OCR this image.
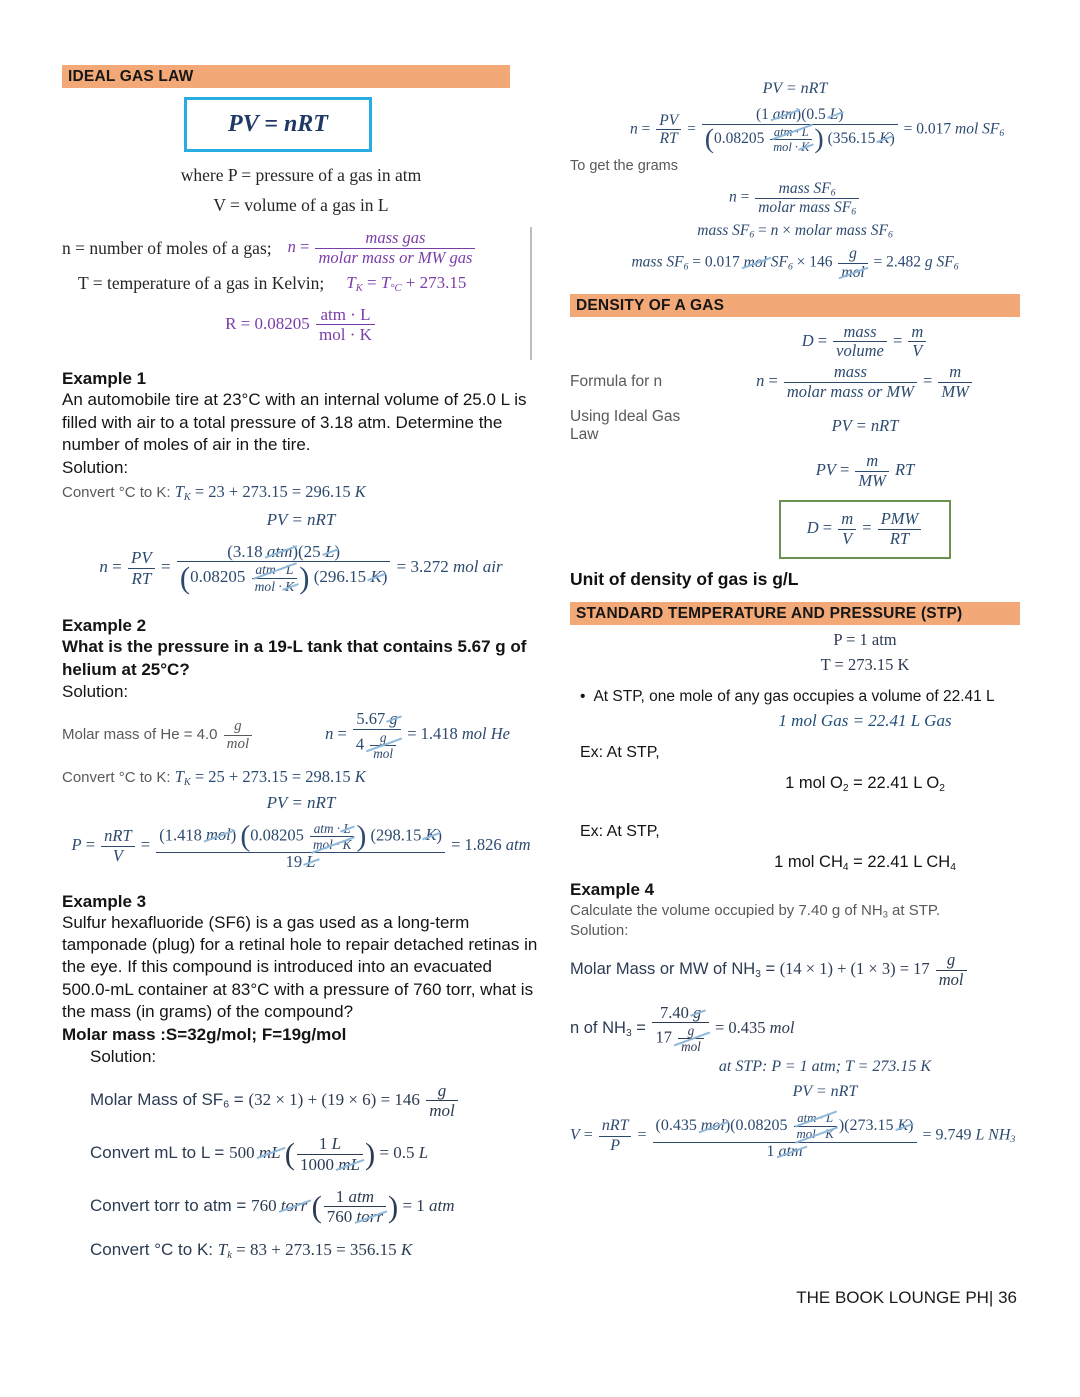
IDEAL GAS LAW
PV = nRT
where P = pressure of a gas in atm
V = volume of a gas in L
n = number of moles of a gas; $n = \frac{\text{mass gas}}{\text{molar mass or MW gas}}$
T = temperature of a gas in Kelvin; $T_K = T_{^\circ C} + 273.15$
$R = 0.08205 \frac{\text{atm · L}}{\text{mol · K}}$
Example 1
An automobile tire at 23°C with an internal volume of 25.0 L is filled with air to a total pressure of 3.18 atm. Determine the number of moles of air in the tire.
Solution:
Convert °C to K: $T_K = 23 + 273.15 = 296.15$ K
PV = nRT
$n = \frac{PV}{RT} = \frac{\text{(3.18 atm)(25 L)}}{(0.08205 \frac{\text{atm · L}}{\text{mol · K}} ) (296.15 K)} = 3.272$ mol air
Example 2
What is the pressure in a 19-L tank that contains 5.67 g of helium at 25°C?
Solution:
Molar mass of $He = 4.0 \frac{g}{\text{mol}}$	$n = \frac{5.67 g}{4 \frac{g}{\text{mol}}} = 1.418$ mol He
Convert °C to K: $T_K = 25 + 273.15 = 298.15$ K
PV = nRT
$P = \frac{\text{nRT}}{V} = \frac{(1.418 mol) (0.08205 \frac{\text{atm · L}}{\text{mol · K}} ) (298.15 K)}{19 L} = 1.826$ atm
Example 3
Sulfur hexafluoride (SF6) is a gas used as a long-term tamponade (plug) for a retinal hole to repair detached retinas in the eye. If this compound is introduced into an evacuated 500.0-mL container at 83°C with a pressure of 760 torr, what is the mass (in grams) of the compound?
Molar mass :S=32g/mol; F=19g/mol
Solution:
Molar Mass of $SF_6 = (32 \times 1) + (19 \times 6) = 146 \frac{g}{\text{mol}}$
Convert mL to L = 500 mL ( $\frac{1 L}{1000 mL}$ ) = 0.5 L
Convert torr to atm = 760 torr ( $\frac{\text{1 atm}}{\text{760 torr}}$ ) = 1 atm
Convert °C to K: $T_k = 83 + 273.15 = 356.15$ K
PV = nRT
$n = \frac{PV}{RT} = \frac{\text{(1 atm)(0.5 L)}}{(0.08205 \frac{\text{atm · L}}{\text{mol · K}} ) (356.15 K)} = 0.017$ mol $SF_6$
To get the grams
$n = \frac{mass SF_6}{molar mass SF_6}$
mass $SF_6 = n$ × molar mass $SF_6$
mass $SF_6 = 0.017$ mol $SF_6 \times 146 \frac{g}{\text{mol}} = 2.482$ g $SF_6$
DENSITY OF A GAS
$D = \frac{\text{mass}}{\text{volume}} = \frac{m}{V}$
Formula for n	$n = \frac{\text{mass}}{\text{molar mass or MW}} = \frac{m}{MW}$
Using Ideal Gas Law	PV = nRT
PV = $\frac{m}{MW}$ RT
$D = \frac{m}{V} = \frac{\text{PMW}}{RT}$
Unit of density of gas is g/L
STANDARD TEMPERATURE AND PRESSURE (STP)
P = 1 atm
T = 273.15 K
• At STP, one mole of any gas occupies a volume of 22.41 L
1 mol Gas = 22.41 L Gas
Ex: At STP,
1 mol $O_2 = 22.41$ L $O_2$
Ex: At STP,
1 mol $CH_4 = 22.41$ L $CH_4$
Example 4
Calculate the volume occupied by 7.40 g of $NH_3$ at STP.
Solution:
Molar Mass or MW of $NH_3 = (14 \times 1) + (1 \times 3) = 17 \frac{g}{\text{mol}}$
n of $NH_3 = \frac{7.40 g}{17 \frac{g}{\text{mol}}} = 0.435$ mol
at STP: P = 1 atm; T = 273.15 K
PV = nRT
$V = \frac{\text{nRT}}{P} = \frac{(0.435 mol)(0.08205 \frac{\text{atm · L}}{\text{mol · K}} )(273.15 K)}{\text{1 atm}} = 9.749$ L $NH_3$
THE BOOK LOUNGE PH| 36
